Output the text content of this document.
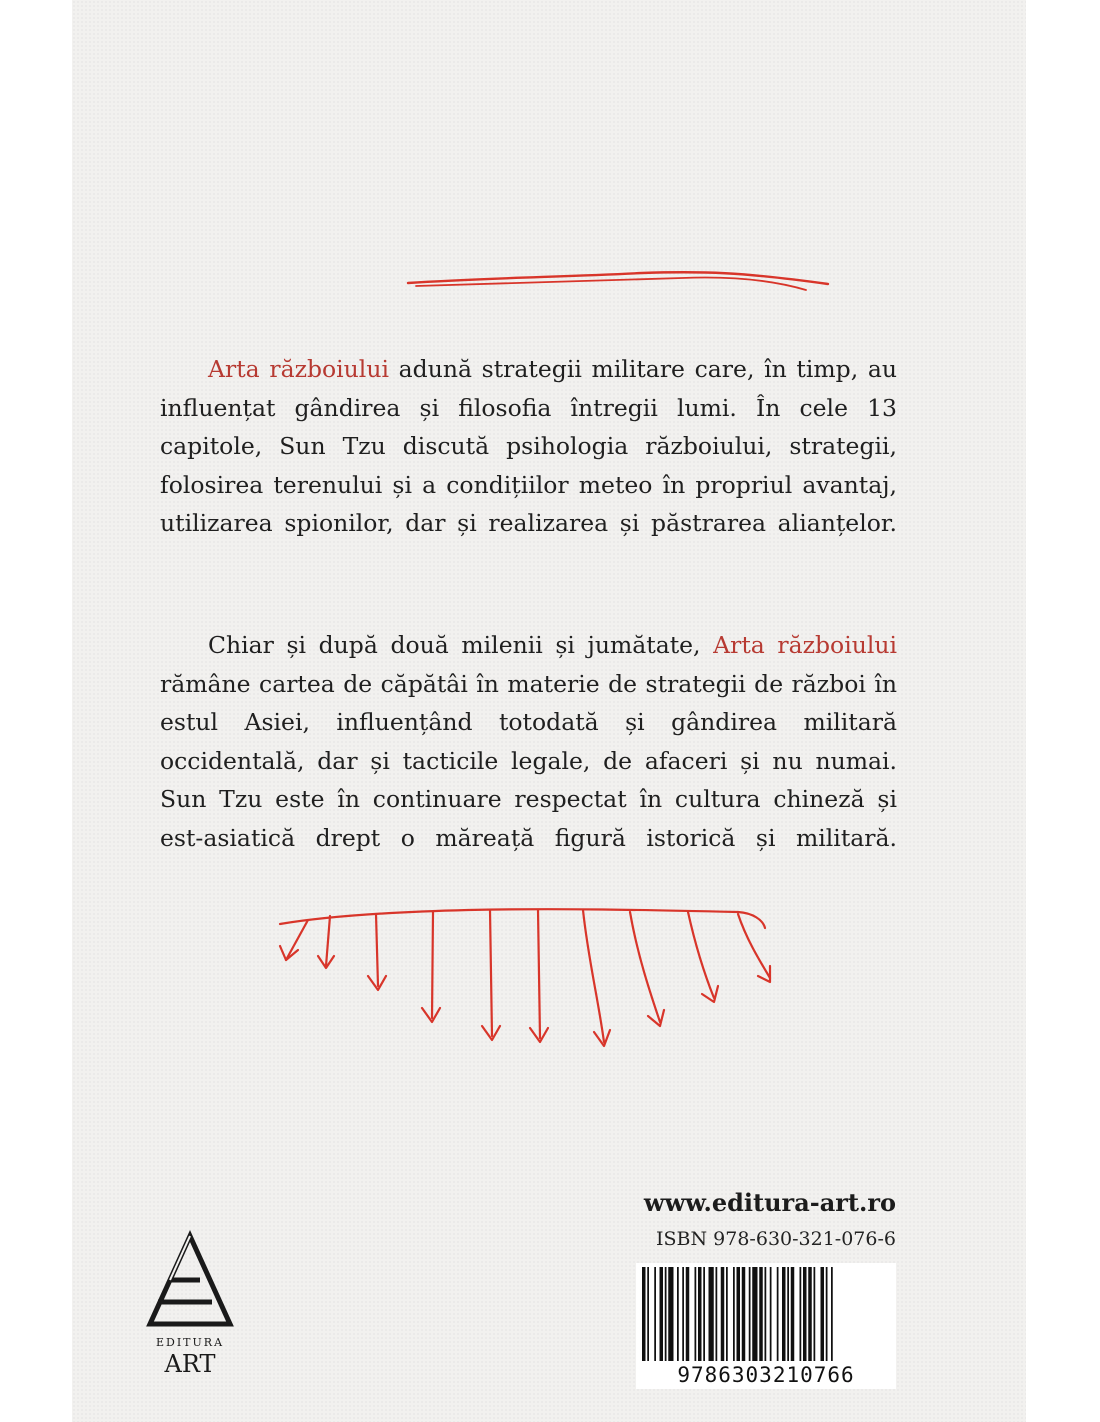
Arta războiului adună strategii militare care, în timp, au influențat gândirea și filosofia întregii lumi. În cele 13 capitole, Sun Tzu discută psihologia războiului, strategii, folosirea terenului și a condițiilor meteo în propriul avantaj, utilizarea spionilor, dar și realizarea și păstrarea alianțelor.

Chiar și după două milenii și jumătate, Arta războiului rămâne cartea de căpătâi în materie de strategii de război în estul Asiei, influențând totodată și gândirea militară occidentală, dar și tacticile legale, de afaceri și nu numai. Sun Tzu este în continuare respectat în cultura chineză și est-asiatică drept o măreață figură istorică și militară.

EDITURA
ART
www.editura-art.ro
ISBN 978-630-321-076-6
9786303210766
